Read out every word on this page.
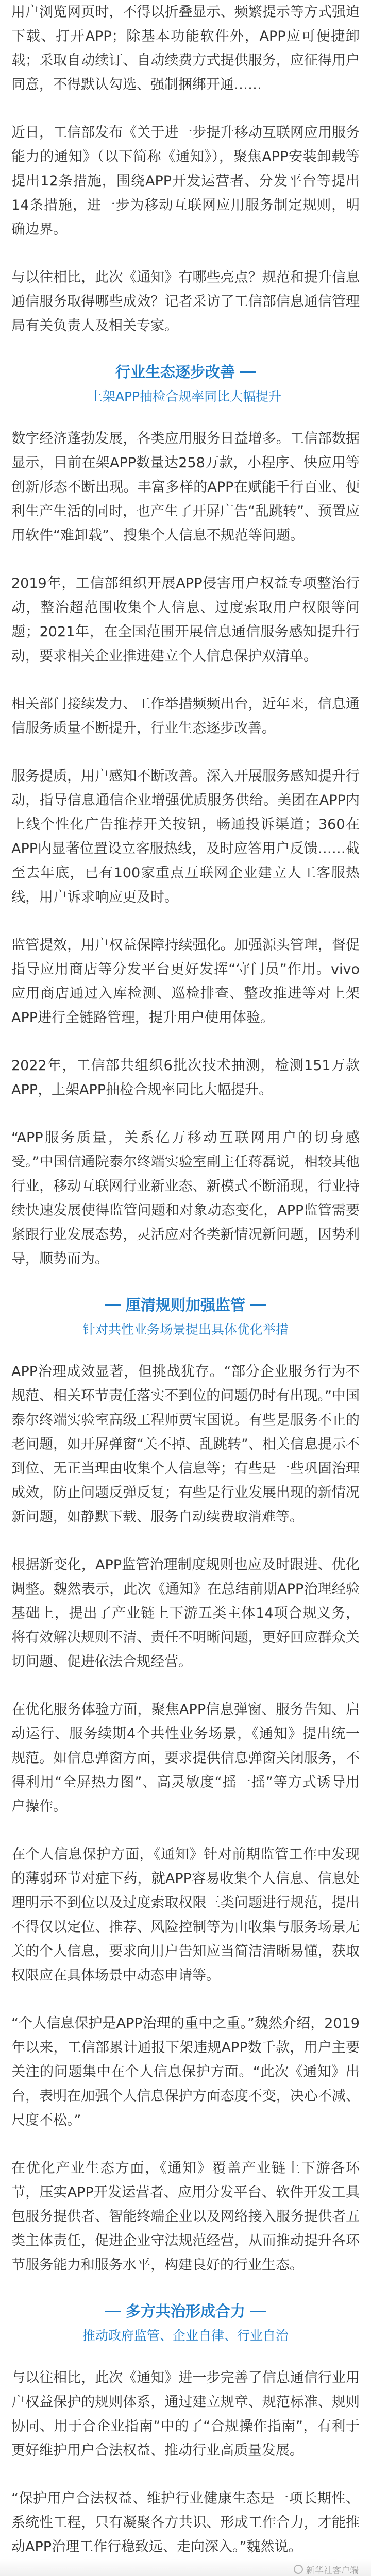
用户浏览网页时，不得以折叠显示、频繁提示等方式强迫下载、打开APP；除基本功能软件外，APP应可便捷卸载；采取自动续订、自动续费方式提供服务，应征得用户同意，不得默认勾选、强制捆绑开通……

近日，工信部发布《关于进一步提升移动互联网应用服务能力的通知》（以下简称《通知》），聚焦APP安装卸载等提出12条措施，围绕APP开发运营者、分发平台等提出14条措施，进一步为移动互联网应用服务制定规则，明确边界。

与以往相比，此次《通知》有哪些亮点？规范和提升信息通信服务取得哪些成效？记者采访了工信部信息通信管理局有关负责人及相关专家。

行业生态逐步改善
上架APP抽检合规率同比大幅提升

数字经济蓬勃发展，各类应用服务日益增多。工信部数据显示，目前在架APP数量达258万款，小程序、快应用等创新形态不断出现。丰富多样的APP在赋能千行百业、便利生产生活的同时，也产生了开屏广告“乱跳转”、预置应用软件“难卸载”、搜集个人信息不规范等问题。

2019年，工信部组织开展APP侵害用户权益专项整治行动，整治超范围收集个人信息、过度索取用户权限等问题；2021年，在全国范围开展信息通信服务感知提升行动，要求相关企业推进建立个人信息保护双清单。

相关部门接续发力、工作举措频频出台，近年来，信息通信服务质量不断提升，行业生态逐步改善。

服务提质，用户感知不断改善。深入开展服务感知提升行动，指导信息通信企业增强优质服务供给。美团在APP内上线个性化广告推荐开关按钮，畅通投诉渠道；360在APP内显著位置设立客服热线，及时应答用户反馈……截至去年底，已有100家重点互联网企业建立人工客服热线，用户诉求响应更及时。

监管提效，用户权益保障持续强化。加强源头管理，督促指导应用商店等分发平台更好发挥“守门员”作用。vivo应用商店通过入库检测、巡检排查、整改推进等对上架APP进行全链路管理，提升用户使用体验。

2022年，工信部共组织6批次技术抽测，检测151万款APP，上架APP抽检合规率同比大幅提升。

“APP服务质量，关系亿万移动互联网用户的切身感受。”中国信通院泰尔终端实验室副主任蒋磊说，相较其他行业，移动互联网行业新业态、新模式不断涌现，行业持续快速发展使得监管问题和对象动态变化，APP监管需要紧跟行业发展态势，灵活应对各类新情况新问题，因势利导，顺势而为。

厘清规则加强监管
针对共性业务场景提出具体优化举措

APP治理成效显著，但挑战犹存。“部分企业服务行为不规范、相关环节责任落实不到位的问题仍时有出现。”中国泰尔终端实验室高级工程师贾宝国说。有些是服务不止的老问题，如开屏弹窗“关不掉、乱跳转”、相关信息提示不到位、无正当理由收集个人信息等；有些是一些巩固治理成效，防止问题反弹反复；有些是行业发展出现的新情况新问题，如静默下载、服务自动续费取消难等。

根据新变化，APP监管治理制度规则也应及时跟进、优化调整。魏然表示，此次《通知》在总结前期APP治理经验基础上，提出了产业链上下游五类主体14项合规义务，将有效解决规则不清、责任不明晰问题，更好回应群众关切问题、促进依法合规经营。

在优化服务体验方面，聚焦APP信息弹窗、服务告知、启动运行、服务续期4个共性业务场景，《通知》提出统一规范。如信息弹窗方面，要求提供信息弹窗关闭服务，不得利用“全屏热力图”、高灵敏度“摇一摇”等方式诱导用户操作。

在个人信息保护方面，《通知》针对前期监管工作中发现的薄弱环节对症下药，就APP容易收集个人信息、信息处理明示不到位以及过度索取权限三类问题进行规范，提出不得仅以定位、推荐、风险控制等为由收集与服务场景无关的个人信息，要求向用户告知应当简洁清晰易懂，获取权限应在具体场景中动态申请等。

“个人信息保护是APP治理的重中之重。”魏然介绍，2019年以来，工信部累计通报下架违规APP数千款，用户主要关注的问题集中在个人信息保护方面。“此次《通知》出台，表明在加强个人信息保护方面态度不变，决心不减、尺度不松。”

在优化产业生态方面，《通知》覆盖产业链上下游各环节，压实APP开发运营者、应用分发平台、软件开发工具包服务提供者、智能终端企业以及网络接入服务提供者五类主体责任，促进企业守法规范经营，从而推动提升各环节服务能力和服务水平，构建良好的行业生态。

多方共治形成合力
推动政府监管、企业自律、行业自治

与以往相比，此次《通知》进一步完善了信息通信行业用户权益保护的规则体系，通过建立规章、规范标准、规则协同、用于合企业指南”中的了“合规操作指南”，有利于更好维护用户合法权益、推动行业高质量发展。

“保护用户合法权益、维护行业健康生态是一项长期性、系统性工程，只有凝聚各方共识、形成工作合力，才能推动APP治理工作行稳致远、走向深入。”魏然说。

新华社客户端
